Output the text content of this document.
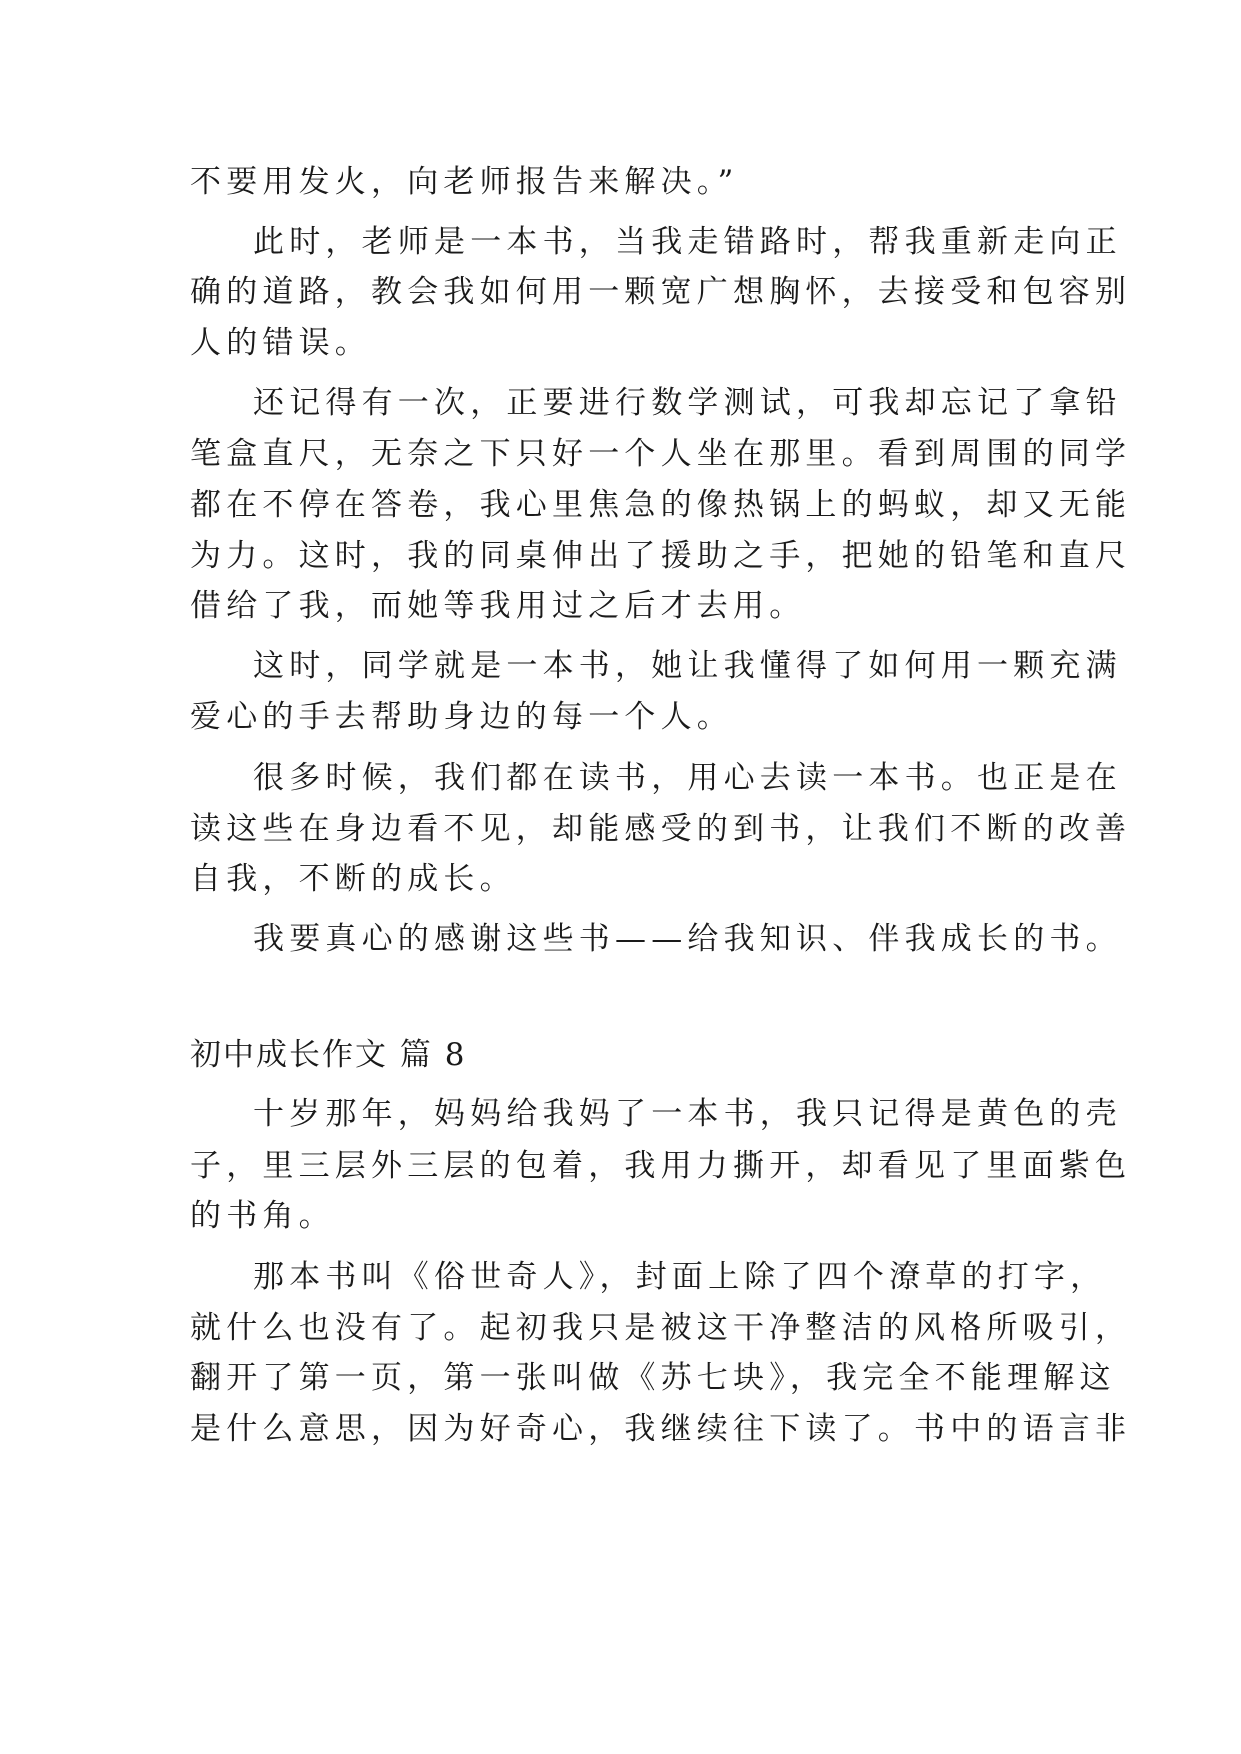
不要用发火，向老师报告来解决。”
此时，老师是一本书，当我走错路时，帮我重新走向正
确的道路，教会我如何用一颗宽广想胸怀，去接受和包容别
人的错误。
还记得有一次，正要进行数学测试，可我却忘记了拿铅
笔盒直尺，无奈之下只好一个人坐在那里。看到周围的同学
都在不停在答卷，我心里焦急的像热锅上的蚂蚁，却又无能
为力。这时，我的同桌伸出了援助之手，把她的铅笔和直尺
借给了我，而她等我用过之后才去用。
这时，同学就是一本书，她让我懂得了如何用一颗充满
爱心的手去帮助身边的每一个人。
很多时候，我们都在读书，用心去读一本书。也正是在
读这些在身边看不见，却能感受的到书，让我们不断的改善
自我，不断的成长。
我要真心的感谢这些书——给我知识、伴我成长的书。
初中成长作文 篇 8
十岁那年，妈妈给我妈了一本书，我只记得是黄色的壳
子，里三层外三层的包着，我用力撕开，却看见了里面紫色
的书角。
那本书叫《俗世奇人》，封面上除了四个潦草的打字，
就什么也没有了。起初我只是被这干净整洁的风格所吸引，
翻开了第一页，第一张叫做《苏七块》，我完全不能理解这
是什么意思，因为好奇心，我继续往下读了。书中的语言非
